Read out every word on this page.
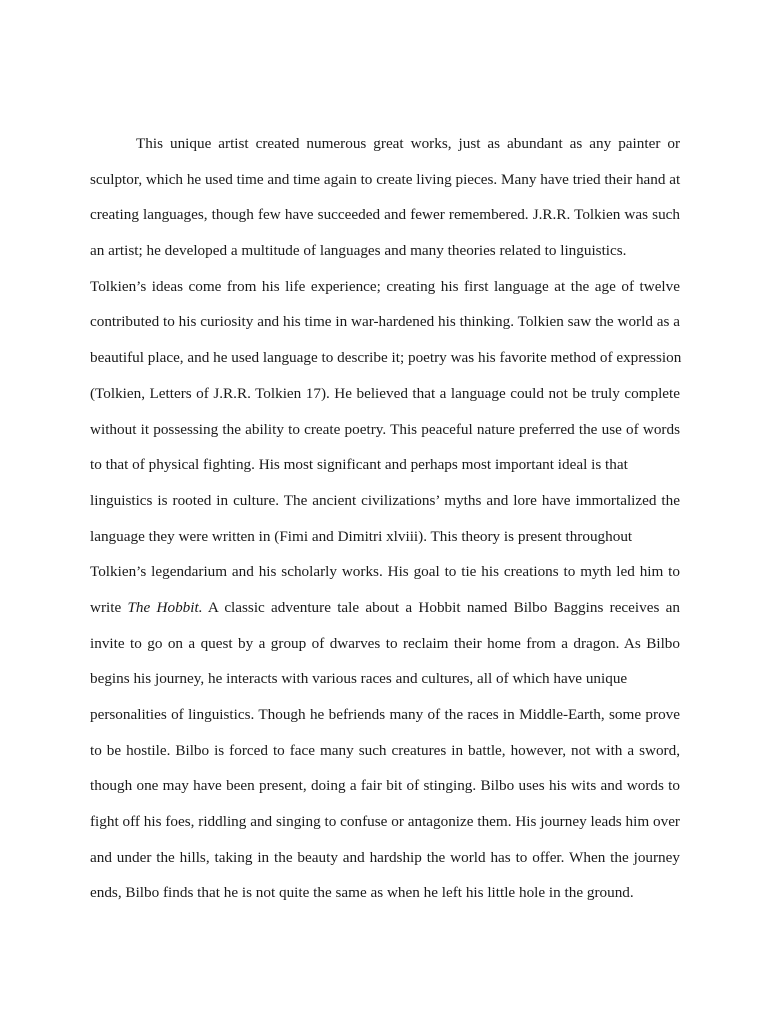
This unique artist created numerous great works, just as abundant as any painter or
sculptor, which he used time and time again to create living pieces. Many have tried their hand at
creating languages, though few have succeeded and fewer remembered. J.R.R. Tolkien was such
an artist; he developed a multitude of languages and many theories related to linguistics.
Tolkien’s ideas come from his life experience; creating his first language at the age of twelve
contributed to his curiosity and his time in war-hardened his thinking. Tolkien saw the world as a
beautiful place, and he used language to describe it; poetry was his favorite method of expression
(Tolkien, Letters of J.R.R. Tolkien 17). He believed that a language could not be truly complete
without it possessing the ability to create poetry. This peaceful nature preferred the use of words
to that of physical fighting. His most significant and perhaps most important ideal is that
linguistics is rooted in culture. The ancient civilizations’ myths and lore have immortalized the
language they were written in (Fimi and Dimitri xlviii). This theory is present throughout
Tolkien’s legendarium and his scholarly works. His goal to tie his creations to myth led him to
write The Hobbit. A classic adventure tale about a Hobbit named Bilbo Baggins receives an
invite to go on a quest by a group of dwarves to reclaim their home from a dragon. As Bilbo
begins his journey, he interacts with various races and cultures, all of which have unique
personalities of linguistics. Though he befriends many of the races in Middle-Earth, some prove
to be hostile. Bilbo is forced to face many such creatures in battle, however, not with a sword,
though one may have been present, doing a fair bit of stinging. Bilbo uses his wits and words to
fight off his foes, riddling and singing to confuse or antagonize them. His journey leads him over
and under the hills, taking in the beauty and hardship the world has to offer. When the journey
ends, Bilbo finds that he is not quite the same as when he left his little hole in the ground.
